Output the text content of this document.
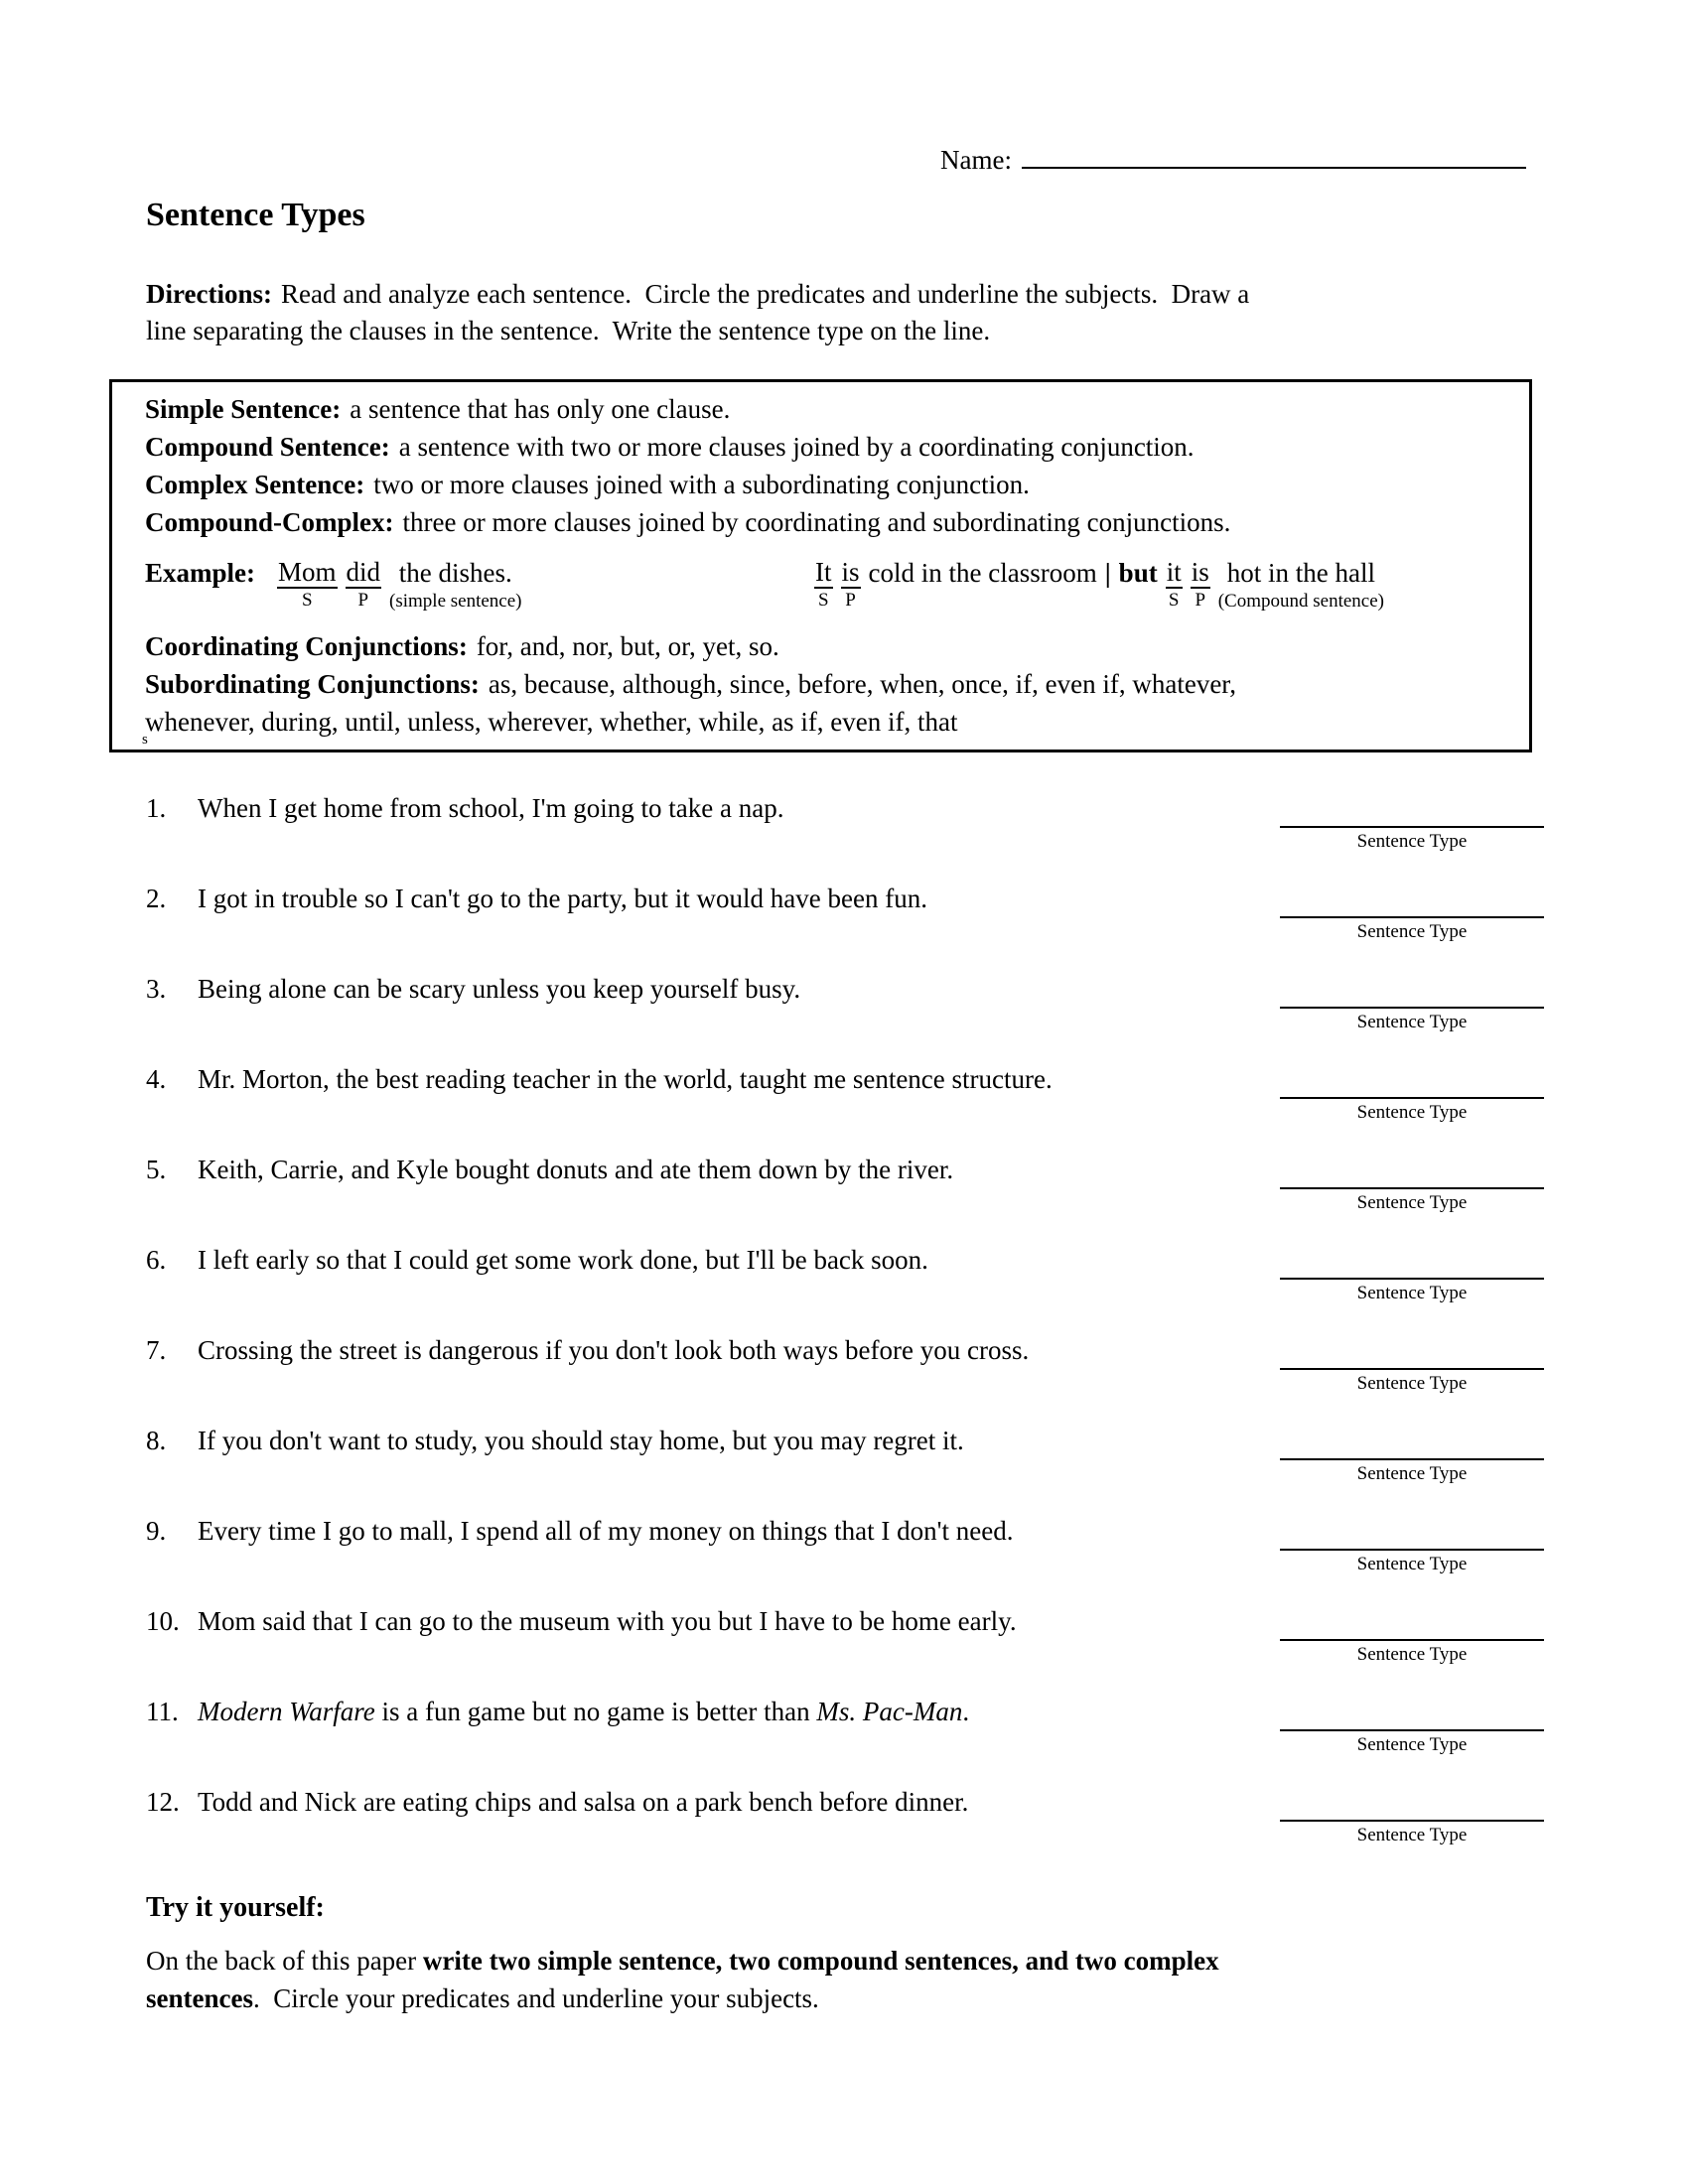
Name:
Sentence Types
Directions: Read and analyze each sentence.  Circle the predicates and underline the subjects.  Draw a
line separating the clauses in the sentence.  Write the sentence type on the line.
Simple Sentence: a sentence that has only one clause.
Compound Sentence: a sentence with two or more clauses joined by a coordinating conjunction.
Complex Sentence: two or more clauses joined with a subordinating conjunction.
Compound-Complex: three or more clauses joined by coordinating and subordinating conjunctions.
Example: Mom
S
did
P
the dishes.
(simple sentence)
It
S
is
P
cold in the classroom | but it
S
is
P
hot in the hall
(Compound sentence)
Coordinating Conjunctions: for, and, nor, but, or, yet, so.
Subordinating Conjunctions: as, because, although, since, before, when, once, if, even if, whatever,
whenever, during, until, unless, wherever, whether, while, as if, even if, that
s
1. When I get home from school, I'm going to take a nap.
Sentence Type
2. I got in trouble so I can't go to the party, but it would have been fun.
Sentence Type
3. Being alone can be scary unless you keep yourself busy.
Sentence Type
4. Mr. Morton, the best reading teacher in the world, taught me sentence structure.
Sentence Type
5. Keith, Carrie, and Kyle bought donuts and ate them down by the river.
Sentence Type
6. I left early so that I could get some work done, but I'll be back soon.
Sentence Type
7. Crossing the street is dangerous if you don't look both ways before you cross.
Sentence Type
8. If you don't want to study, you should stay home, but you may regret it.
Sentence Type
9. Every time I go to mall, I spend all of my money on things that I don't need.
Sentence Type
10. Mom said that I can go to the museum with you but I have to be home early.
Sentence Type
11. Modern Warfare is a fun game but no game is better than Ms. Pac-Man.
Sentence Type
12. Todd and Nick are eating chips and salsa on a park bench before dinner.
Sentence Type
Try it yourself:
On the back of this paper write two simple sentence, two compound sentences, and two complex
sentences.  Circle your predicates and underline your subjects.
